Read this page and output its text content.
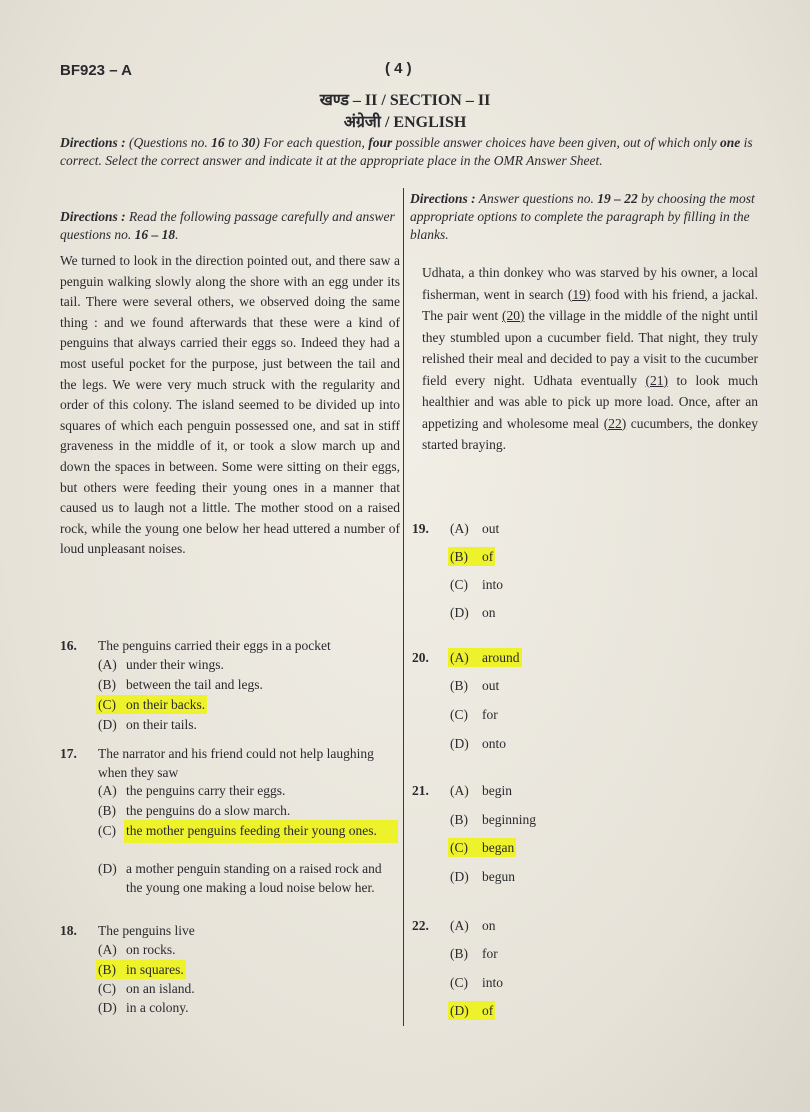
BF923 – A	( 4 )
खण्ड – II / SECTION – II
अंग्रेजी / ENGLISH
Directions : (Questions no. 16 to 30) For each question, four possible answer choices have been given, out of which only one is correct. Select the correct answer and indicate it at the appropriate place in the OMR Answer Sheet.
Directions : Read the following passage carefully and answer questions no. 16 – 18.
We turned to look in the direction pointed out, and there saw a penguin walking slowly along the shore with an egg under its tail. There were several others, we observed doing the same thing : and we found afterwards that these were a kind of penguins that always carried their eggs so. Indeed they had a most useful pocket for the purpose, just between the tail and the legs. We were very much struck with the regularity and order of this colony. The island seemed to be divided up into squares of which each penguin possessed one, and sat in stiff graveness in the middle of it, or took a slow march up and down the spaces in between. Some were sitting on their eggs, but others were feeding their young ones in a manner that caused us to laugh not a little. The mother stood on a raised rock, while the young one below her head uttered a number of loud unpleasant noises.
16. The penguins carried their eggs in a pocket
(A) under their wings.
(B) between the tail and legs.
(C) on their backs.
(D) on their tails.
17. The narrator and his friend could not help laughing when they saw
(A) the penguins carry their eggs.
(B) the penguins do a slow march.
(C) the mother penguins feeding their young ones.
(D) a mother penguin standing on a raised rock and the young one making a loud noise below her.
18. The penguins live
(A) on rocks.
(B) in squares.
(C) on an island.
(D) in a colony.
Directions : Answer questions no. 19 – 22 by choosing the most appropriate options to complete the paragraph by filling in the blanks.
Udhata, a thin donkey who was starved by his owner, a local fisherman, went in search (19) food with his friend, a jackal. The pair went (20) the village in the middle of the night until they stumbled upon a cucumber field. That night, they truly relished their meal and decided to pay a visit to the cucumber field every night. Udhata eventually (21) to look much healthier and was able to pick up more load. Once, after an appetizing and wholesome meal (22) cucumbers, the donkey started braying.
19. (A) out
(B) of
(C) into
(D) on
20. (A) around
(B) out
(C) for
(D) onto
21. (A) begin
(B) beginning
(C) began
(D) begun
22. (A) on
(B) for
(C) into
(D) of
